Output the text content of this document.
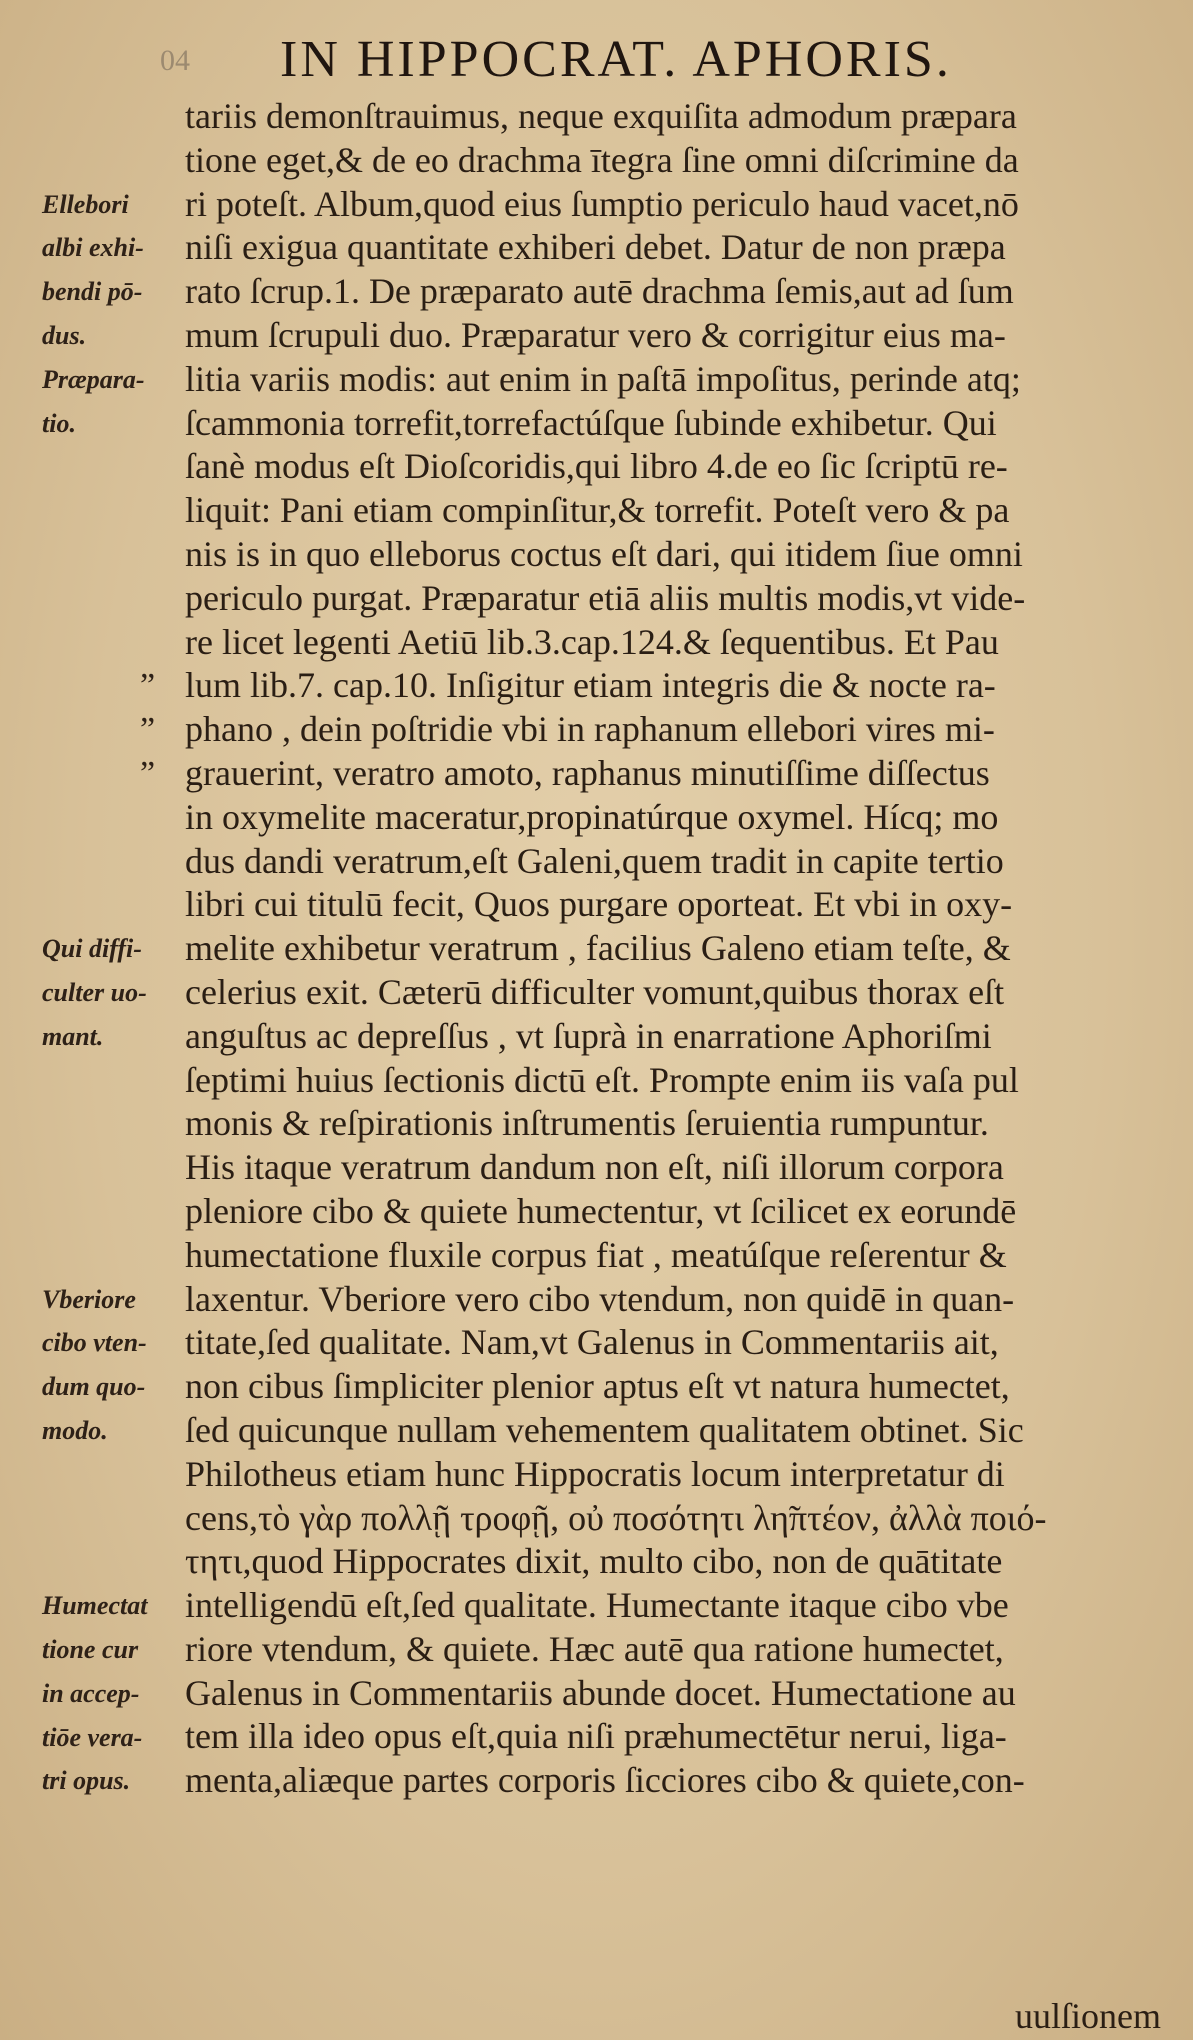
04 IN HIPPOCRAT. APHORIS.
Ellebori
albi exhi-
bendi pō-
dus.
Præpara-
tio.
Qui diffi-
culter uo-
mant.
Vberiore
cibo vten-
dum quo-
modo.
Humectat
tione cur
in accep-
tiōe vera-
tri opus.
”
”
”
tariis demonſtrauimus, neque exquiſita admodum præpara
tione eget,& de eo drachma ītegra ſine omni diſcrimine da
ri poteſt. Album,quod eius ſumptio periculo haud vacet,nō
niſi exigua quantitate exhiberi debet. Datur de non præpa
rato ſcrup.1. De præparato autē drachma ſemis,aut ad ſum
mum ſcrupuli duo. Præparatur vero & corrigitur eius ma-
litia variis modis: aut enim in paſtā impoſitus, perinde atq;
ſcammonia torrefit,torrefactúſque ſubinde exhibetur. Qui
ſanè modus eſt Dioſcoridis,qui libro 4.de eo ſic ſcriptū re-
liquit: Pani etiam compinſitur,& torrefit. Poteſt vero & pa
nis is in quo elleborus coctus eſt dari, qui itidem ſiue omni
periculo purgat. Præparatur etiā aliis multis modis,vt vide-
re licet legenti Aetiū lib.3.cap.124.& ſequentibus. Et Pau
lum lib.7. cap.10. Inſigitur etiam integris die & nocte ra-
phano , dein poſtridie vbi in raphanum ellebori vires mi-
grauerint, veratro amoto, raphanus minutiſſime diſſectus
in oxymelite maceratur,propinatúrque oxymel. Hícq; mo
dus dandi veratrum,eſt Galeni,quem tradit in capite tertio
libri cui titulū fecit, Quos purgare oporteat. Et vbi in oxy-
melite exhibetur veratrum , facilius Galeno etiam teſte, &
celerius exit. Cæterū difficulter vomunt,quibus thorax eſt
anguſtus ac depreſſus , vt ſuprà in enarratione Aphoriſmi
ſeptimi huius ſectionis dictū eſt. Prompte enim iis vaſa pul
monis & reſpirationis inſtrumentis ſeruientia rumpuntur.
His itaque veratrum dandum non eſt, niſi illorum corpora
pleniore cibo & quiete humectentur, vt ſcilicet ex eorundē
humectatione fluxile corpus fiat , meatúſque reſerentur &
laxentur. Vberiore vero cibo vtendum, non quidē in quan-
titate,ſed qualitate. Nam,vt Galenus in Commentariis ait,
non cibus ſimpliciter plenior aptus eſt vt natura humectet,
ſed quicunque nullam vehementem qualitatem obtinet. Sic
Philotheus etiam hunc Hippocratis locum interpretatur di
cens,τὸ γὰρ πολλῇ τροφῇ, οὐ ποσότητι λη̃πτέον, ἀλλὰ ποιό-
τητι,quod Hippocrates dixit, multo cibo, non de quātitate
intelligendū eſt,ſed qualitate. Humectante itaque cibo vbe
riore vtendum, & quiete. Hæc autē qua ratione humectet,
Galenus in Commentariis abunde docet. Humectatione au
tem illa ideo opus eſt,quia niſi præhumectētur nerui, liga-
menta,aliæque partes corporis ſicciores cibo & quiete,con-
uulſionem
